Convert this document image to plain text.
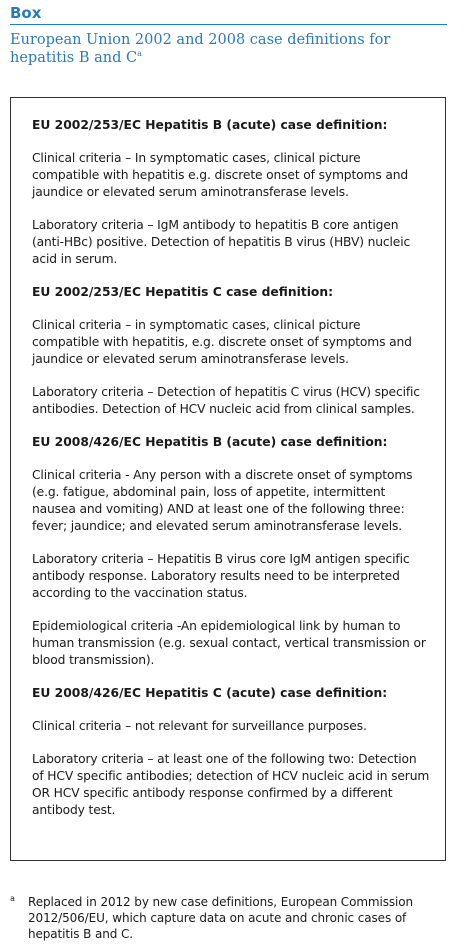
Box
European Union 2002 and 2008 case definitions for hepatitis B and $C^a$
EU 2002/253/EC Hepatitis B (acute) case definition:
Clinical criteria – In symptomatic cases, clinical picture compatible with hepatitis e.g. discrete onset of symptoms and jaundice or elevated serum aminotransferase levels.
Laboratory criteria – IgM antibody to hepatitis B core antigen (anti-HBc) positive. Detection of hepatitis B virus (HBV) nucleic acid in serum.
EU 2002/253/EC Hepatitis C case definition:
Clinical criteria – in symptomatic cases, clinical picture compatible with hepatitis, e.g. discrete onset of symptoms and jaundice or elevated serum aminotransferase levels.
Laboratory criteria – Detection of hepatitis C virus (HCV) specific antibodies. Detection of HCV nucleic acid from clinical samples.
EU 2008/426/EC Hepatitis B (acute) case definition:
Clinical criteria - Any person with a discrete onset of symptoms (e.g. fatigue, abdominal pain, loss of appetite, intermittent nausea and vomiting) AND at least one of the following three: fever; jaundice; and elevated serum aminotransferase levels.
Laboratory criteria – Hepatitis B virus core IgM antigen specific antibody response. Laboratory results need to be interpreted according to the vaccination status.
Epidemiological criteria -An epidemiological link by human to human transmission (e.g. sexual contact, vertical transmission or blood transmission).
EU 2008/426/EC Hepatitis C (acute) case definition:
Clinical criteria – not relevant for surveillance purposes.
Laboratory criteria – at least one of the following two: Detection of HCV specific antibodies; detection of HCV nucleic acid in serum OR HCV specific antibody response confirmed by a different antibody test.
a Replaced in 2012 by new case definitions, European Commission 2012/506/EU, which capture data on acute and chronic cases of hepatitis B and C.
